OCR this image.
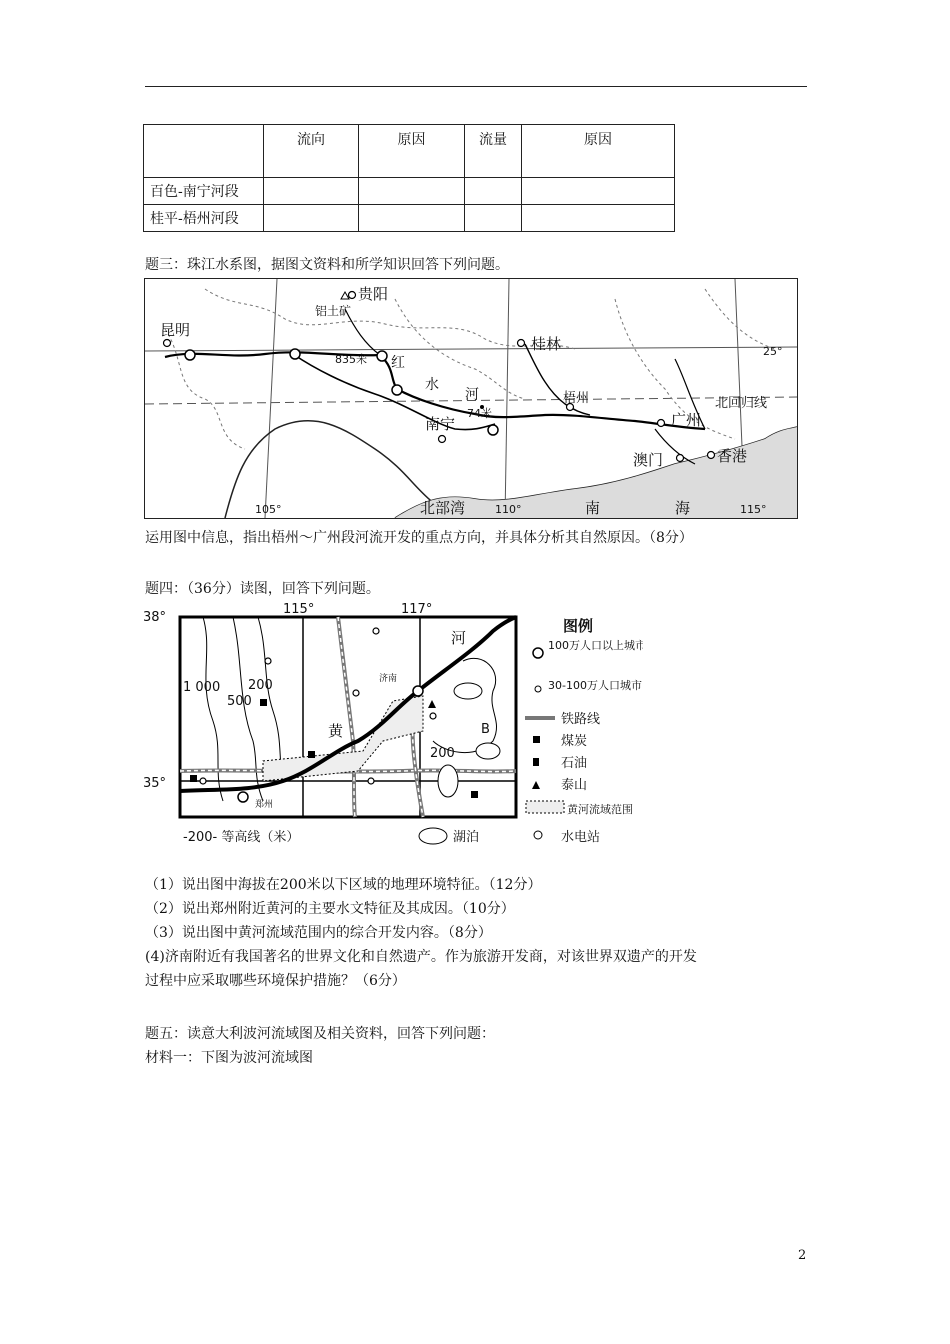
	流向	原因	流量	原因
百色-南宁河段				
桂平-梧州河段				
题三：珠江水系图，据图文资料和所学知识回答下列问题。
贵阳
铝土矿
昆明
835米 红
水
河
74米
桂林
梧州
南宁	广州
澳门	香港
北回归线
25°
北部湾	南	海
105°	110°	115°
运用图中信息，指出梧州～广州段河流开发的重点方向，并具体分析其自然原因。（8分）
题四：（36分）读图，回答下列问题。
38°
115°	117°
35°
河
济南
黄
1 000 200
500
200
B
郑州
-200- 等高线（米）	湖泊
图例
100万人口以上城市
30-100万人口城市
铁路线
煤炭
石油
泰山
黄河流域范围
水电站
（1）说出图中海拔在200米以下区域的地理环境特征。（12分）
（2）说出郑州附近黄河的主要水文特征及其成因。（10分）
（3）说出图中黄河流域范围内的综合开发内容。（8分）
(4)济南附近有我国著名的世界文化和自然遗产。作为旅游开发商，对该世界双遗产的开发
过程中应采取哪些环境保护措施？（6分）
题五：读意大利波河流域图及相关资料，回答下列问题：
材料一：下图为波河流域图
2
